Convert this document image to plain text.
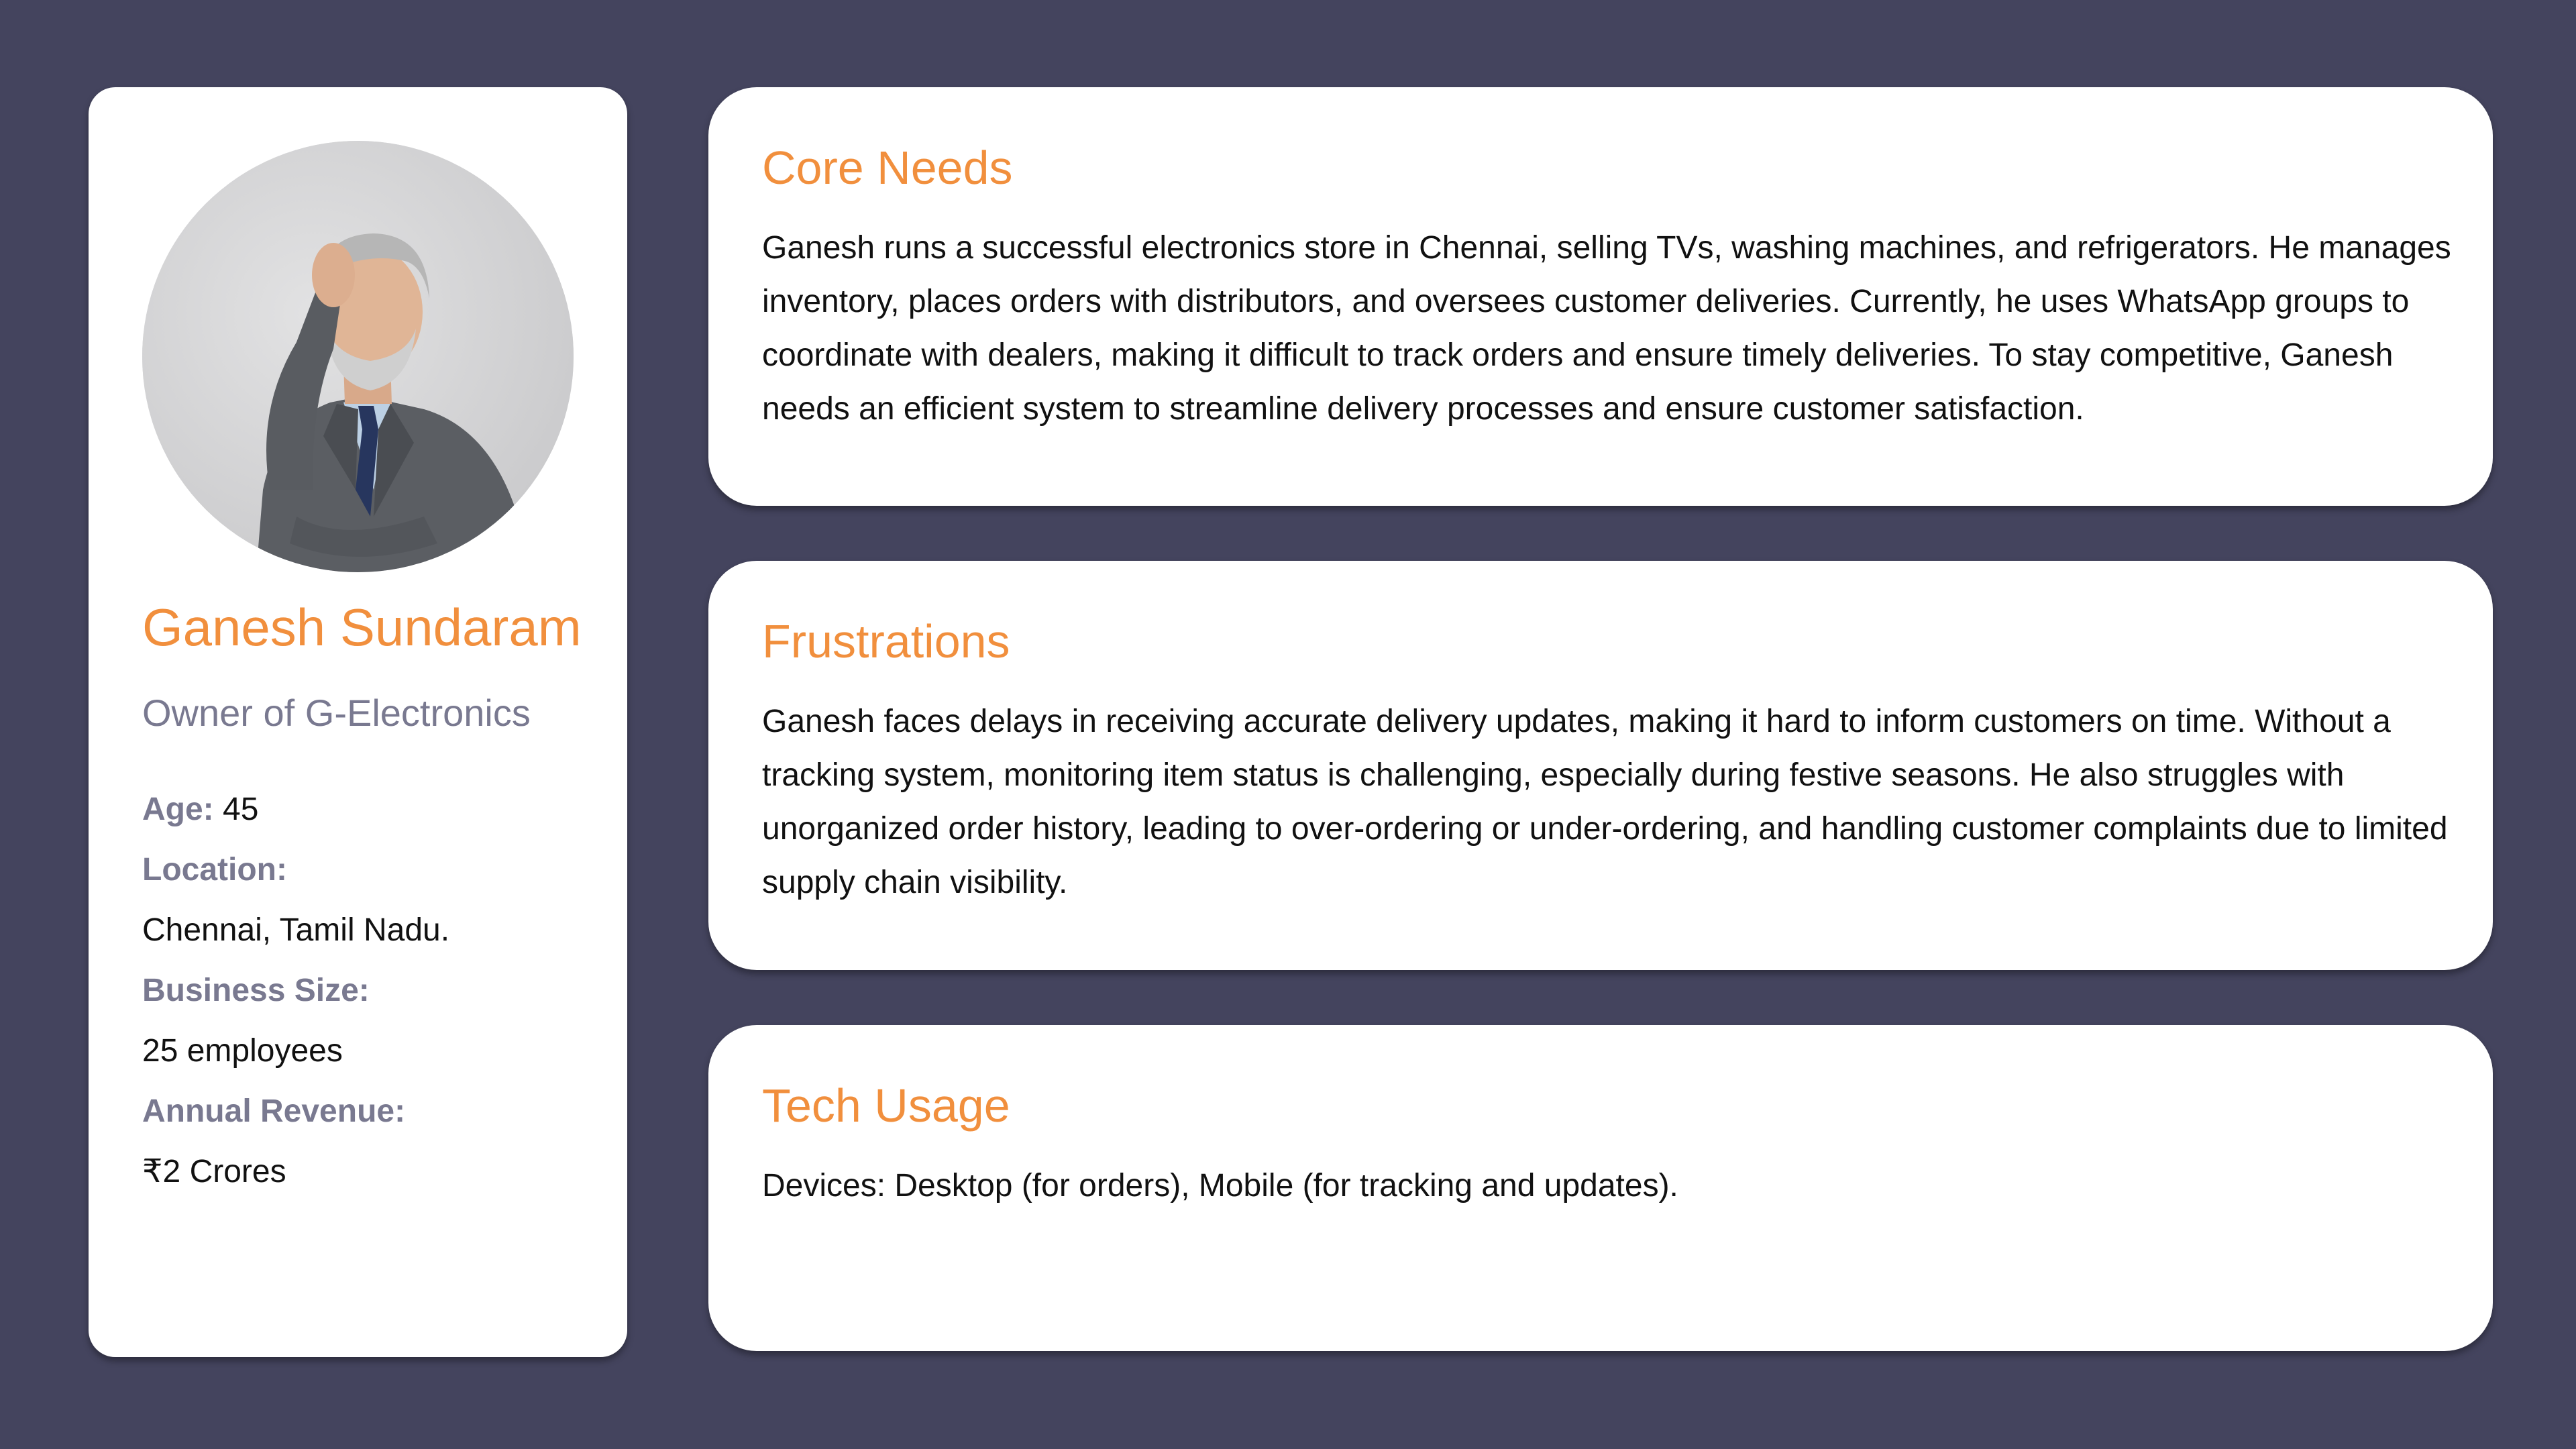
Ganesh Sundaram
Owner of G-Electronics
Age: 45
Location:
Chennai, Tamil Nadu.
Business Size:
25 employees
Annual Revenue:
₹2 Crores
Core Needs
Ganesh runs a successful electronics store in Chennai, selling TVs, washing machines, and refrigerators. He manages inventory, places orders with distributors, and oversees customer deliveries. Currently, he uses WhatsApp groups to coordinate with dealers, making it difficult to track orders and ensure timely deliveries. To stay competitive, Ganesh needs an efficient system to streamline delivery processes and ensure customer satisfaction.
Frustrations
Ganesh faces delays in receiving accurate delivery updates, making it hard to inform customers on time. Without a tracking system, monitoring item status is challenging, especially during festive seasons. He also struggles with unorganized order history, leading to over-ordering or under-ordering, and handling customer complaints due to limited supply chain visibility.
Tech Usage
Devices: Desktop (for orders), Mobile (for tracking and updates).
